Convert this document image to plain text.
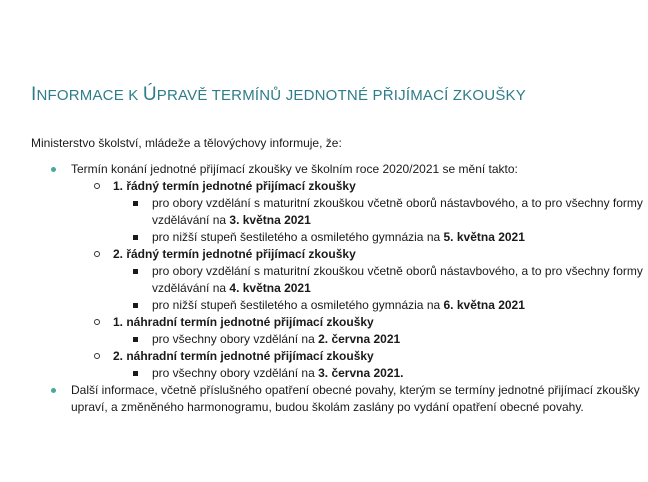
INFORMACE K ÚPRAVĚ TERMÍNŮ JEDNOTNÉ PŘIJÍMACÍ ZKOUŠKY

Ministerstvo školství, mládeže a tělovýchovy informuje, že:

Termín konání jednotné přijímací zkoušky ve školním roce 2020/2021 se mění takto:
1. řádný termín jednotné přijímací zkoušky
pro obory vzdělání s maturitní zkouškou včetně oborů nástavbového, a to pro všechny formy
vzdělávání na 3. května 2021
pro nižší stupeň šestiletého a osmiletého gymnázia na 5. května 2021
2. řádný termín jednotné přijímací zkoušky
pro obory vzdělání s maturitní zkouškou včetně oborů nástavbového, a to pro všechny formy
vzdělávání na 4. května 2021
pro nižší stupeň šestiletého a osmiletého gymnázia na 6. května 2021
1. náhradní termín jednotné přijímací zkoušky
pro všechny obory vzdělání na 2. června 2021
2. náhradní termín jednotné přijímací zkoušky
pro všechny obory vzdělání na 3. června 2021.
Další informace, včetně příslušného opatření obecné povahy, kterým se termíny jednotné přijímací zkoušky
upraví, a změněného harmonogramu, budou školám zaslány po vydání opatření obecné povahy.
